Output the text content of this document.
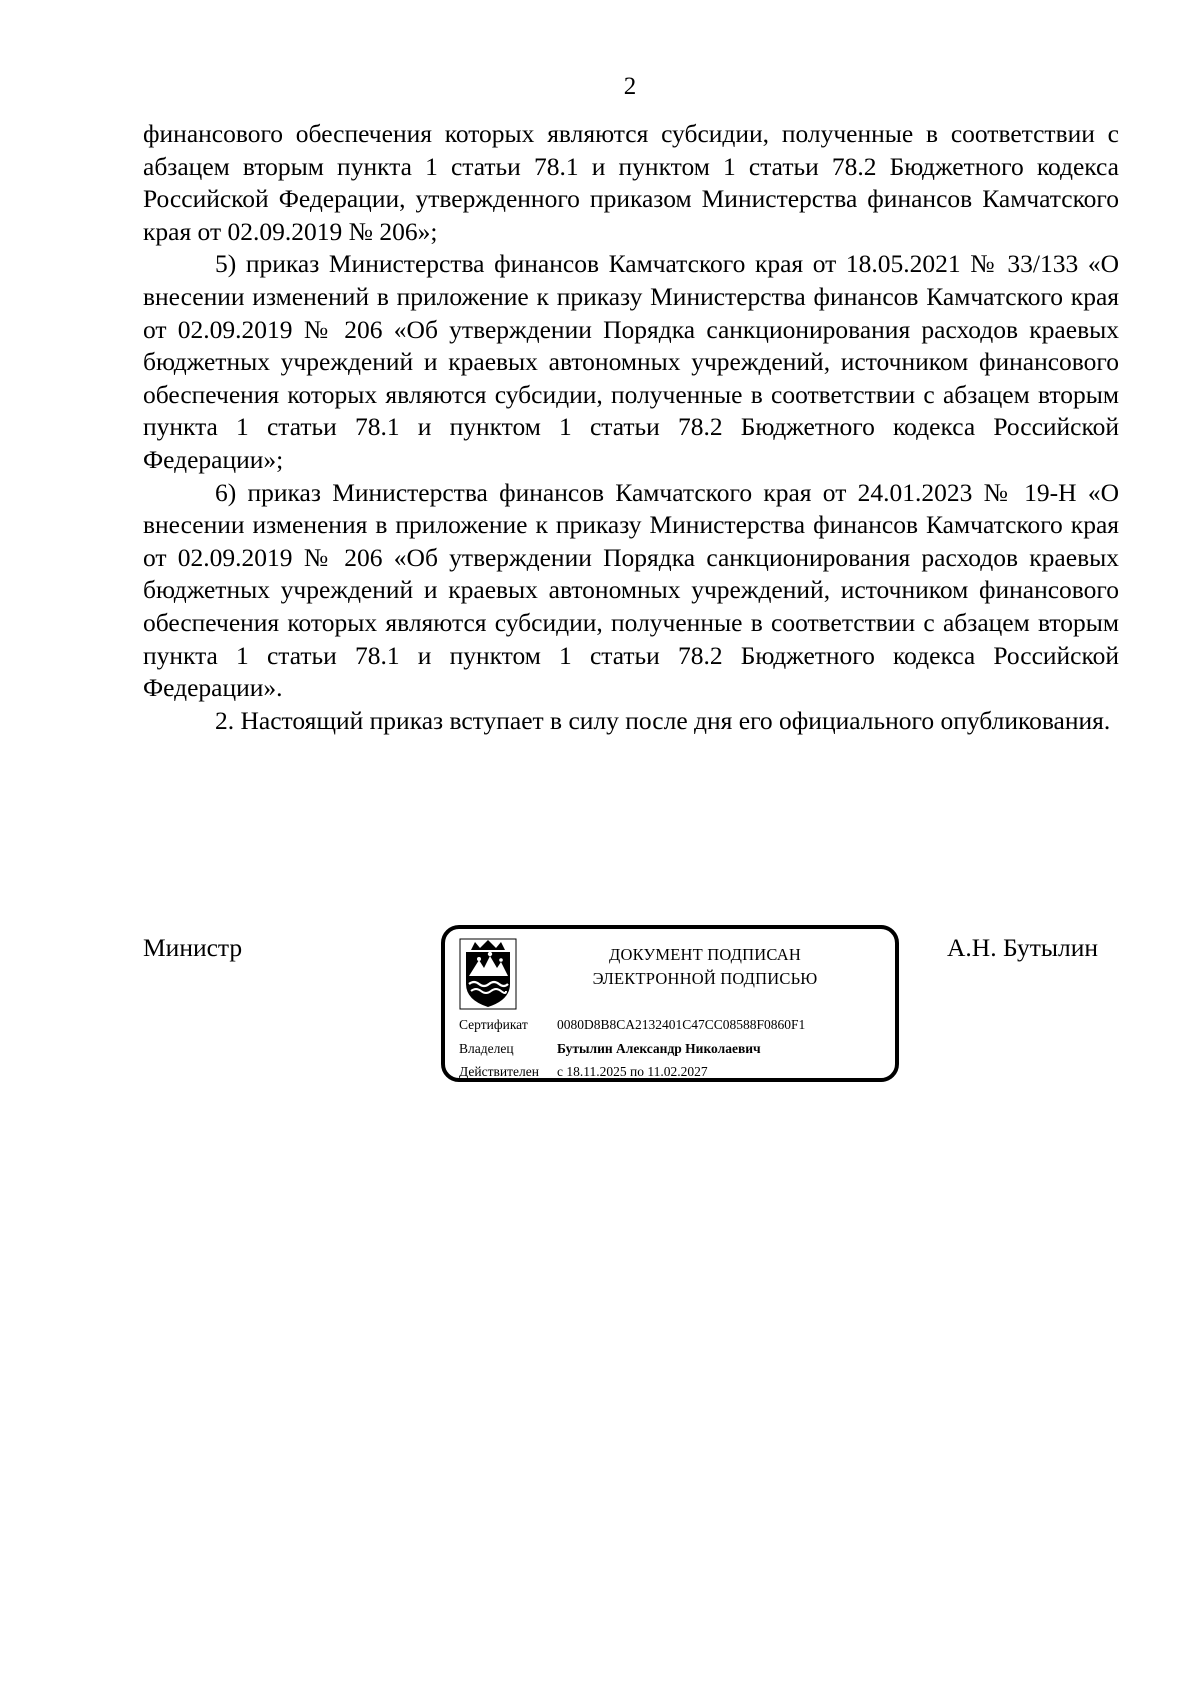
2

финансового обеспечения которых являются субсидии, полученные в соответствии с абзацем вторым пункта 1 статьи 78.1 и пунктом 1 статьи 78.2 Бюджетного кодекса Российской Федерации, утвержденного приказом Министерства финансов Камчатского края от 02.09.2019 № 206»;

5) приказ Министерства финансов Камчатского края от 18.05.2021 № 33/133 «О внесении изменений в приложение к приказу Министерства финансов Камчатского края от 02.09.2019 № 206 «Об утверждении Порядка санкционирования расходов краевых бюджетных учреждений и краевых автономных учреждений, источником финансового обеспечения которых являются субсидии, полученные в соответствии с абзацем вторым пункта 1 статьи 78.1 и пунктом 1 статьи 78.2 Бюджетного кодекса Российской Федерации»;

6) приказ Министерства финансов Камчатского края от 24.01.2023 № 19-Н «О внесении изменения в приложение к приказу Министерства финансов Камчатского края от 02.09.2019 № 206 «Об утверждении Порядка санкционирования расходов краевых бюджетных учреждений и краевых автономных учреждений, источником финансового обеспечения которых являются субсидии, полученные в соответствии с абзацем вторым пункта 1 статьи 78.1 и пунктом 1 статьи 78.2 Бюджетного кодекса Российской Федерации».

2. Настоящий приказ вступает в силу после дня его официального опубликования.

Министр	ДОКУМЕНТ ПОДПИСАН
ЭЛЕКТРОННОЙ ПОДПИСЬЮ
Сертификат 0080D8B8CA2132401C47CC08588F0860F1
Владелец	Бутылин Александр Николаевич
Действителен с 18.11.2025 по 11.02.2027
А.Н. Бутылин
